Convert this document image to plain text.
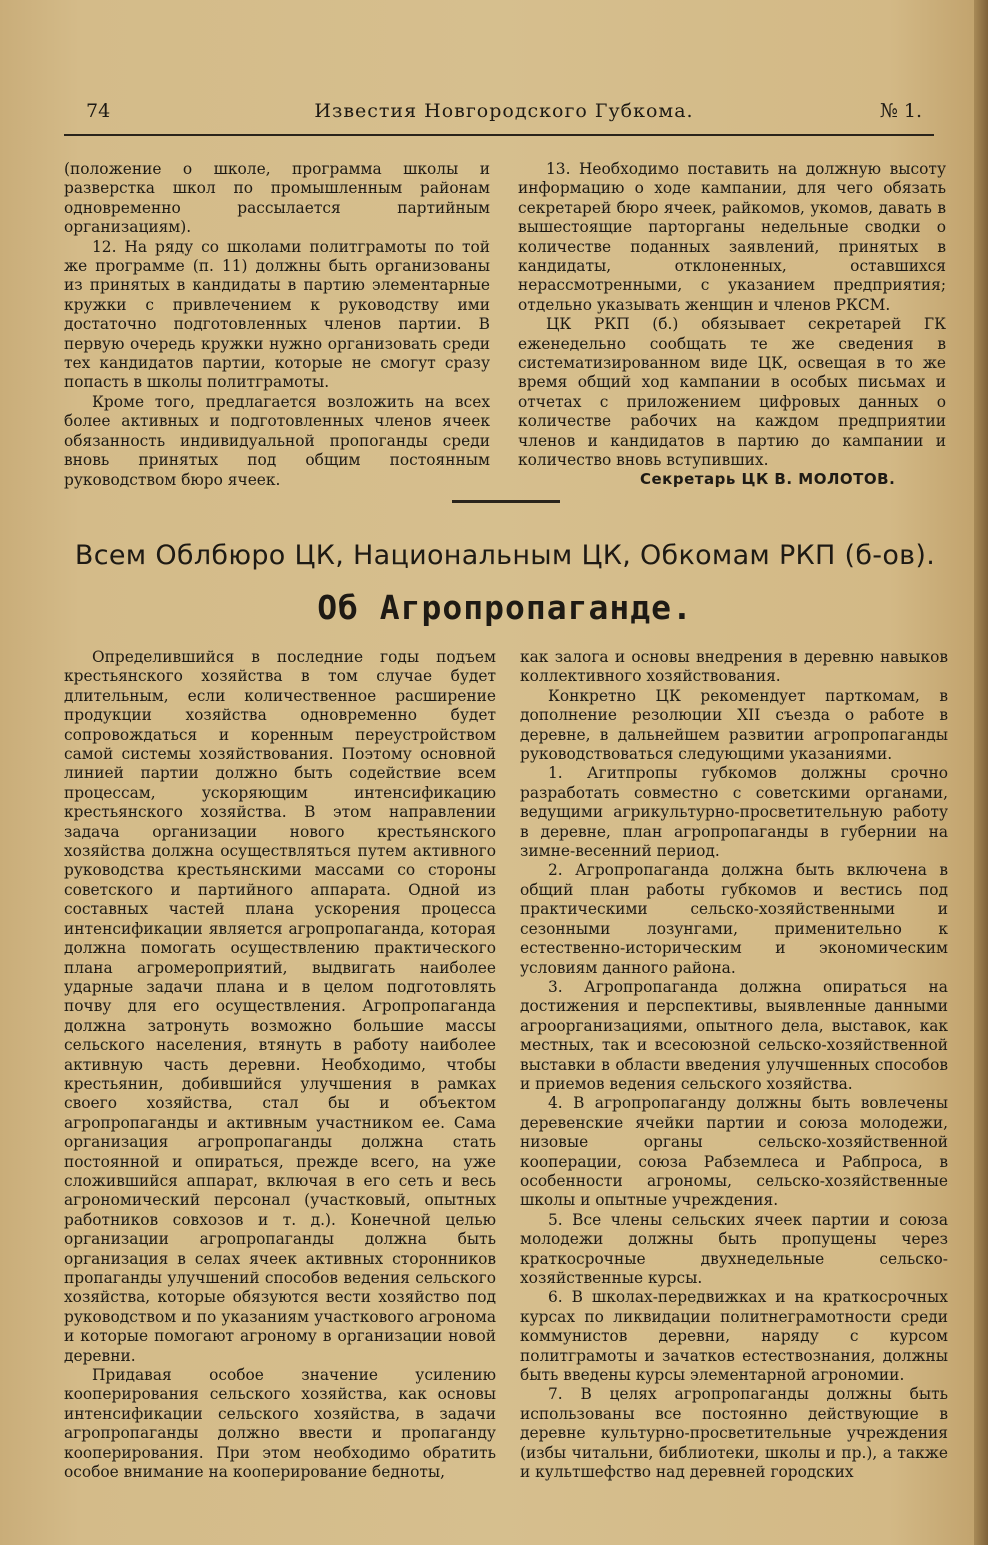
Известия Новгородского Губкома.
74	№ 1.

(положение о школе, программа школы и разверстка школ по промышленным районам одновременно рассылается партийным организациям).

12. На ряду со школами политграмоты по той же программе (п. 11) должны быть организованы из принятых в кандидаты в партию элементарные кружки с привлечением к руководству ими достаточно подготовленных членов партии. В первую очередь кружки нужно организовать среди тех кандидатов партии, которые не смогут сразу попасть в школы политграмоты.

Кроме того, предлагается возложить на всех более активных и подготовленных членов ячеек обязанность индивидуальной пропоганды среди вновь принятых под общим постоянным руководством бюро ячеек.

13. Необходимо поставить на должную высоту информацию о ходе кампании, для чего обязать секретарей бюро ячеек, райкомов, укомов, давать в вышестоящие парторганы недельные сводки о количестве поданных заявлений, принятых в кандидаты, отклоненных, оставшихся нерассмотренными, с указанием предприятия; отдельно указывать женщин и членов РКСМ.

ЦК РКП (б.) обязывает секретарей ГК еженедельно сообщать те же сведения в систематизированном виде ЦК, освещая в то же время общий ход кампании в особых письмах и отчетах с приложением цифровых данных о количестве рабочих на каждом предприятии членов и кандидатов в партию до кампании и количество вновь вступивших.

Секретарь ЦК В. МОЛОТОВ.
Всем Облбюро ЦК, Национальным ЦК, Обкомам РКП (б-ов).
Об Агропропаганде.

Определившийся в последние годы подъем крестьянского хозяйства в том случае будет длительным, если количественное расширение продукции хозяйства одновременно будет сопровождаться и коренным переустройством самой системы хозяйствования. Поэтому основной линией партии должно быть содействие всем процессам, ускоряющим интенсификацию крестьянского хозяйства. В этом направлении задача организации нового крестьянского хозяйства должна осуществляться путем активного руководства крестьянскими массами со стороны советского и партийного аппарата. Одной из составных частей плана ускорения процесса интенсификации является агропропаганда, которая должна помогать осуществлению практического плана агромероприятий, выдвигать наиболее ударные задачи плана и в целом подготовлять почву для его осуществления. Агропропаганда должна затронуть возможно большие массы сельского населения, втянуть в работу наиболее активную часть деревни. Необходимо, чтобы крестьянин, добившийся улучшения в рамках своего хозяйства, стал бы и объектом агропропаганды и активным участником ее. Сама организация агропропаганды должна стать постоянной и опираться, прежде всего, на уже сложившийся аппарат, включая в его сеть и весь агрономический персонал (участковый, опытных работников совхозов и т. д.). Конечной целью организации агропропаганды должна быть организация в селах ячеек активных сторонников пропаганды улучшений способов ведения сельского хозяйства, которые обязуются вести хозяйство под руководством и по указаниям участкового агронома и которые помогают агроному в организации новой деревни.

Придавая особое значение усилению кооперирования сельского хозяйства, как основы интенсификации сельского хозяйства, в задачи агропропаганды должно ввести и пропаганду кооперирования. При этом необходимо обратить особое внимание на кооперирование бедноты,

как залога и основы внедрения в деревню навыков коллективного хозяйствования.

Конкретно ЦК рекомендует парткомам, в дополнение резолюции XII съезда о работе в деревне, в дальнейшем развитии агропропаганды руководствоваться следующими указаниями.

1. Агитпропы губкомов должны срочно разработать совместно с советскими органами, ведущими агрикультурно-просветительную работу в деревне, план агропропаганды в губернии на зимне-весенний период.

2. Агропропаганда должна быть включена в общий план работы губкомов и вестись под практическими сельско-хозяйственными и сезонными лозунгами, применительно к естественно-историческим и экономическим условиям данного района.

3. Агропропаганда должна опираться на достижения и перспективы, выявленные данными агроорганизациями, опытного дела, выставок, как местных, так и всесоюзной сельско-хозяйственной выставки в области введения улучшенных способов и приемов ведения сельского хозяйства.

4. В агропропаганду должны быть вовлечены деревенские ячейки партии и союза молодежи, низовые органы сельско-хозяйственной кооперации, союза Рабземлеса и Рабпроса, в особенности агрономы, сельско-хозяйственные школы и опытные учреждения.

5. Все члены сельских ячеек партии и союза молодежи должны быть пропущены через краткосрочные двухнедельные сельско-хозяйственные курсы.

6. В школах-передвижках и на краткосрочных курсах по ликвидации политнеграмотности среди коммунистов деревни, наряду с курсом политграмоты и зачатков естествознания, должны быть введены курсы элементарной агрономии.

7. В целях агропропаганды должны быть использованы все постоянно действующие в деревне культурно-просветительные учреждения (избы читальни, библиотеки, школы и пр.), а также и культшефство над деревней городских
